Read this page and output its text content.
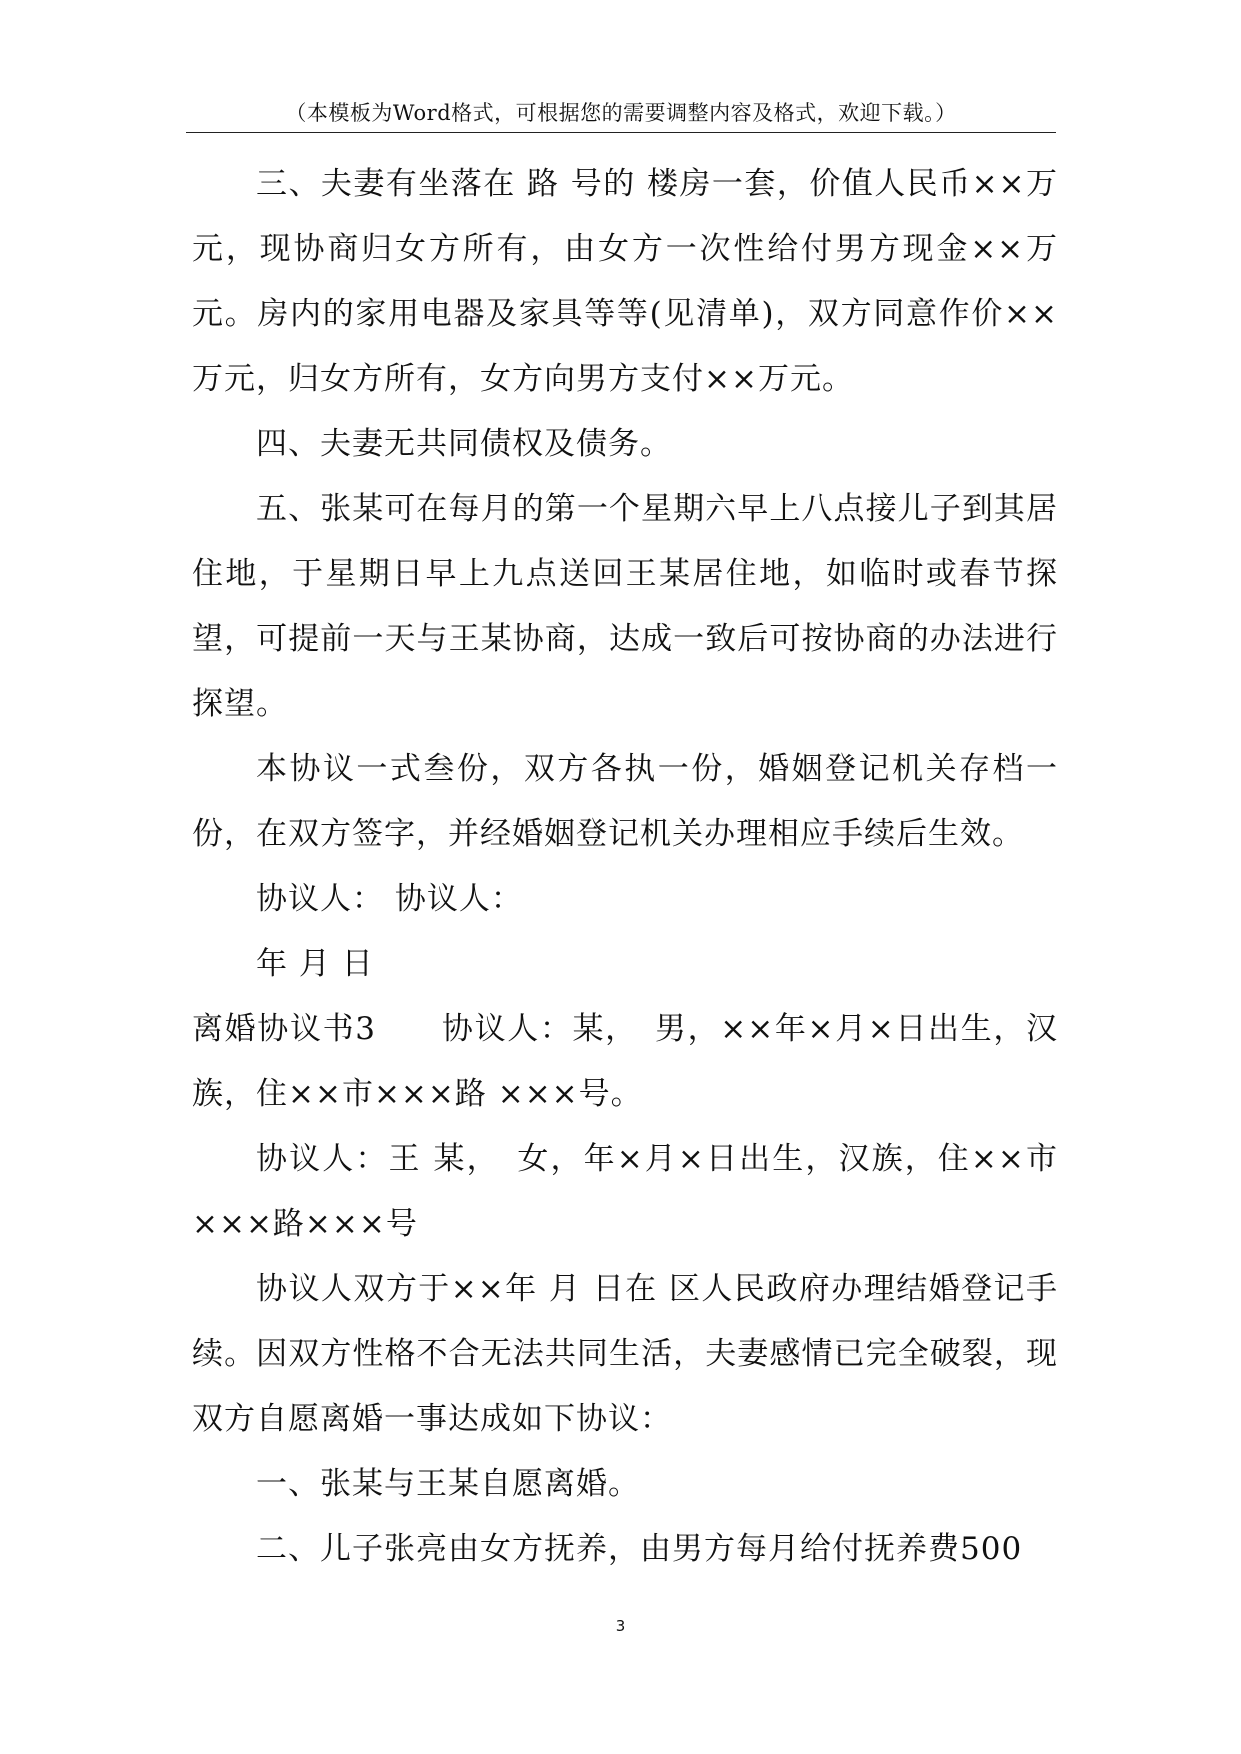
（本模板为Word格式，可根据您的需要调整内容及格式，欢迎下载。）

三、夫妻有坐落在 路 号的 楼房一套，价值人民币××万元，现协商归女方所有，由女方一次性给付男方现金××万元。房内的家用电器及家具等等(见清单)，双方同意作价××万元，归女方所有，女方向男方支付××万元。

四、夫妻无共同债权及债务。

五、张某可在每月的第一个星期六早上八点接儿子到其居住地，于星期日早上九点送回王某居住地，如临时或春节探望，可提前一天与王某协商，达成一致后可按协商的办法进行探望。

本协议一式叁份，双方各执一份，婚姻登记机关存档一份，在双方签字，并经婚姻登记机关办理相应手续后生效。

协议人： 协议人：

年 月 日

离婚协议书3　　协议人：某，　男，××年×月×日出生，汉族，住××市×××路 ×××号。

协议人：王 某，　女，年×月×日出生，汉族，住××市×××路×××号

协议人双方于××年 月 日在 区人民政府办理结婚登记手续。因双方性格不合无法共同生活，夫妻感情已完全破裂，现双方自愿离婚一事达成如下协议：

一、张某与王某自愿离婚。

二、儿子张亮由女方抚养，由男方每月给付抚养费500

3
